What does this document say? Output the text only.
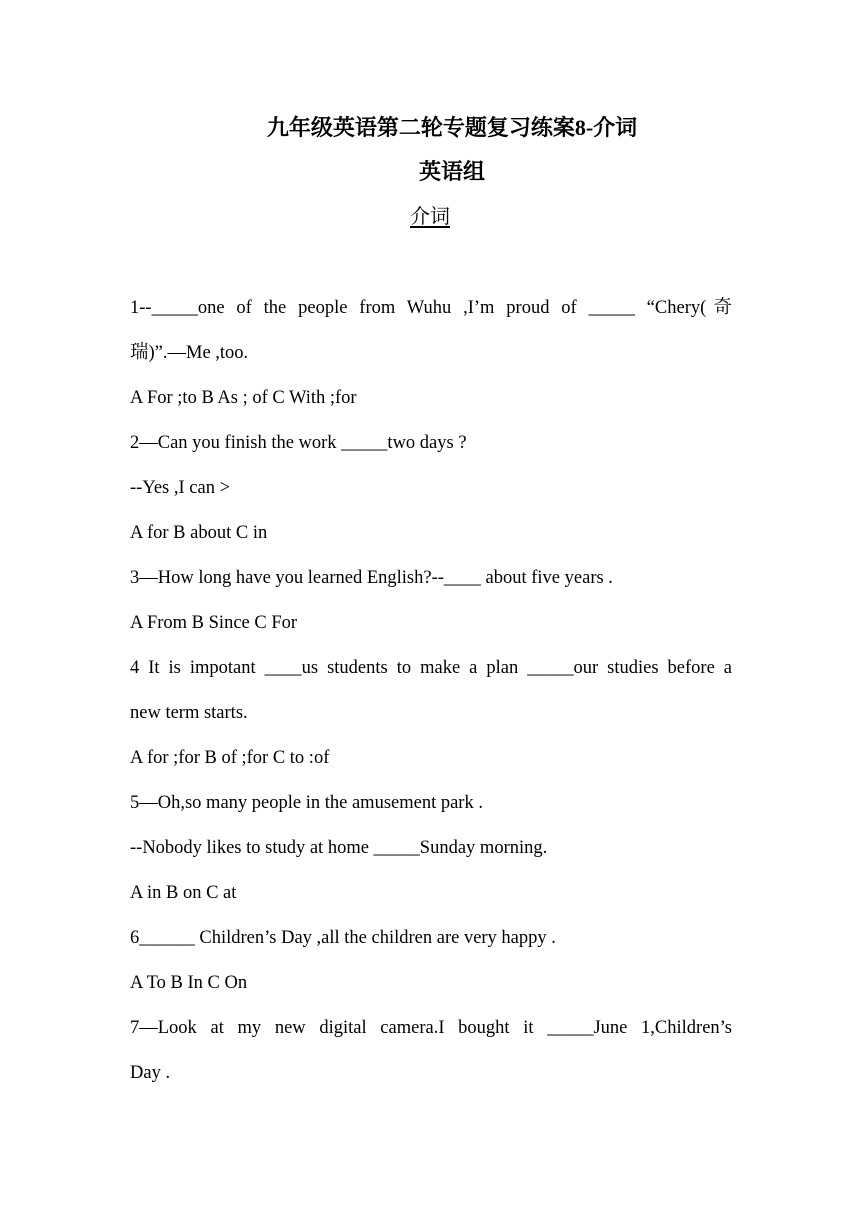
九年级英语第二轮专题复习练案8-介词
英语组
介词
1--_____one of the people from Wuhu ,I’m proud of _____ “Chery(奇
瑞)”.—Me ,too.
A For ;to B As ; of C With ;for
2—Can you finish the work _____two days ?
--Yes ,I can >
A for B about C in
3—How long have you learned English?--____ about five years .
A From B Since C For
4 It is impotant ____us students to make a plan _____our studies before a
new term starts.
A for ;for B of ;for C to :of
5—Oh,so many people in the amusement park .
--Nobody likes to study at home _____Sunday morning.
A in B on C at
6______ Children’s Day ,all the children are very happy .
A To B In C On
7—Look at my new digital camera.I bought it _____June 1,Children’s
Day .
